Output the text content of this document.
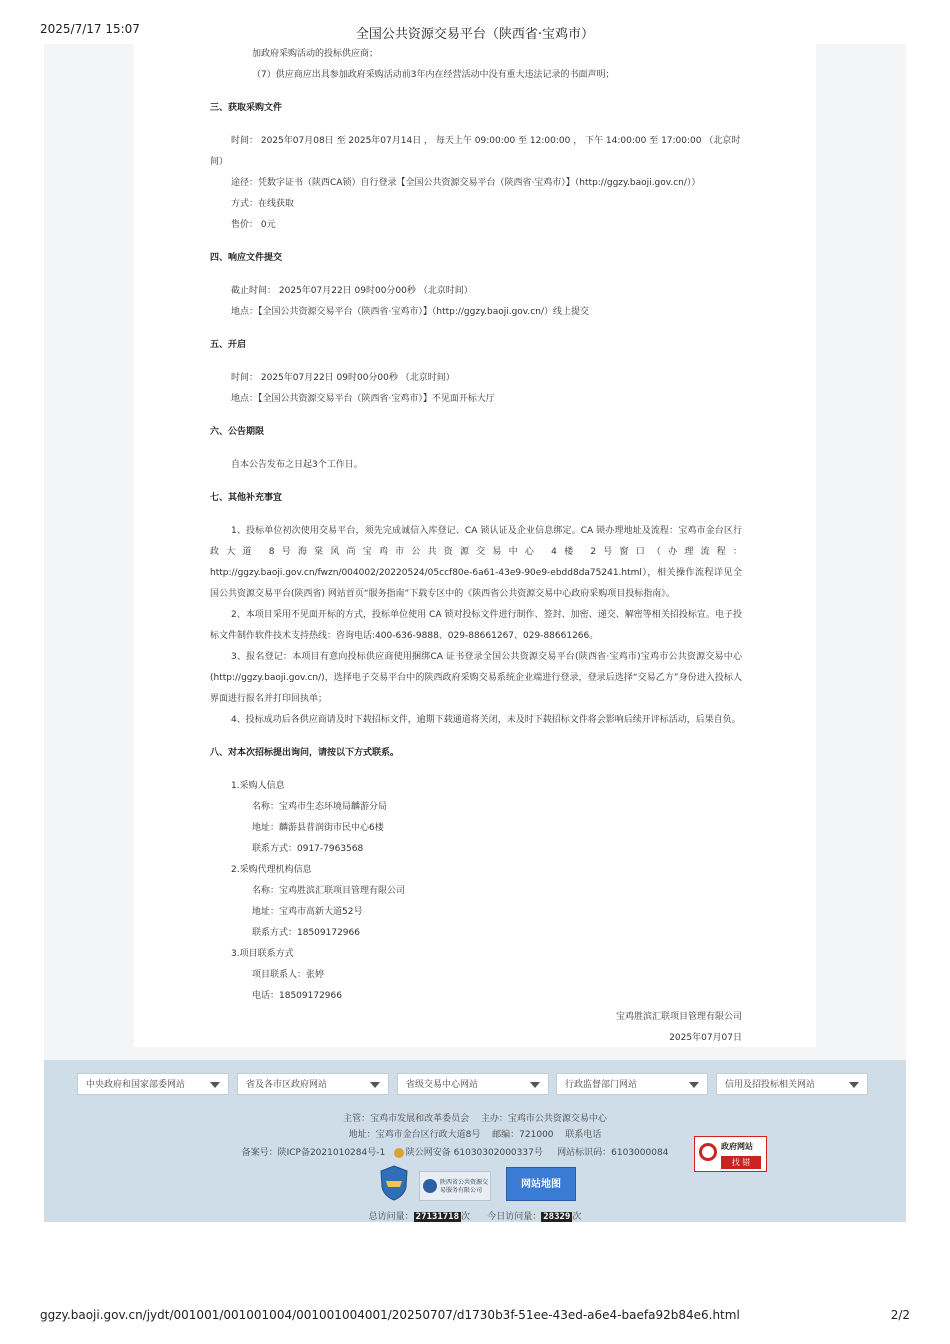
2025/7/17 15:07	全国公共资源交易平台（陕西省·宝鸡市）
加政府采购活动的投标供应商；
（7）供应商应出具参加政府采购活动前3年内在经营活动中没有重大违法记录的书面声明；
三、获取采购文件
时间： 2025年07月08日 至 2025年07月14日 ， 每天上午 09:00:00 至 12:00:00 ， 下午 14:00:00 至 17:00:00 （北京时
间）
途径：凭数字证书（陕西CA锁）自行登录【全国公共资源交易平台（陕西省·宝鸡市）】（http://ggzy.baoji.gov.cn/））
方式：在线获取
售价： 0元
四、响应文件提交
截止时间： 2025年07月22日 09时00分00秒 （北京时间）
地点：【全国公共资源交易平台（陕西省·宝鸡市）】（http://ggzy.baoji.gov.cn/）线上提交
五、开启
时间： 2025年07月22日 09时00分00秒 （北京时间）
地点：【全国公共资源交易平台（陕西省·宝鸡市）】不见面开标大厅
六、公告期限
自本公告发布之日起3个工作日。
七、其他补充事宜
1、投标单位初次使用交易平台，须先完成诚信入库登记、CA 锁认证及企业信息绑定。CA 锁办理地址及流程：宝鸡市金台区行政大道 8号海棠风尚宝鸡市公共资源交易中心 4楼 2号窗口（办理流程：http://ggzy.baoji.gov.cn/fwzn/004002/20220524/05ccf80e-6a61-43e9-90e9-ebdd8da75241.html），相关操作流程详见全国公共资源交易平台(陕西省) 网站首页“服务指南”下载专区中的《陕西省公共资源交易中心政府采购项目投标指南》。
2、本项目采用不见面开标的方式，投标单位使用 CA 锁对投标文件进行制作、签封、加密、递交、解密等相关招投标宣。电子投标文件制作软件技术支持热线：咨询电话:400-636-9888、029-88661267、029-88661266。
3、报名登记：本项目有意向投标供应商使用捆绑CA 证书登录全国公共资源交易平台(陕西省·宝鸡市)宝鸡市公共资源交易中心(http://ggzy.baoji.gov.cn/)，选择电子交易平台中的陕西政府采购交易系统企业端进行登录，登录后选择“交易乙方”身份进入投标人界面进行报名并打印回执单；
4、投标成功后各供应商请及时下载招标文件，逾期下载通道将关闭，未及时下载招标文件将会影响后续开评标活动，后果自负。
八、对本次招标提出询问，请按以下方式联系。
1.采购人信息
名称：宝鸡市生态环境局麟游分局
地址：麟游县普润街市民中心6楼
联系方式：0917-7963568
2.采购代理机构信息
名称：宝鸡胜滨汇联项目管理有限公司
地址：宝鸡市高新大道52号
联系方式：18509172966
3.项目联系方式
项目联系人：张婷
电话：18509172966
宝鸡胜滨汇联项目管理有限公司
2025年07月07日
中央政府和国家部委网站	省及各市区政府网站	省级交易中心网站	行政监督部门网站	信用及招投标相关网站
主管：宝鸡市发展和改革委员会　 主办：宝鸡市公共资源交易中心
地址：宝鸡市金台区行政大道8号　 邮编：721000　 联系电话
备案号：陕ICP备2021010284号-1 陕公网安备 61030302000337号 网站标识码：6103000084
政府网站
找 错
陕西省公共资源交易服务有限公司
网站地图
总访问量： 27131718 次 今日访问量： 28329 次
ggzy.baoji.gov.cn/jydt/001001/001001004/001001004001/20250707/d1730b3f-51ee-43ed-a6e4-baefa92b84e6.html	2/2
